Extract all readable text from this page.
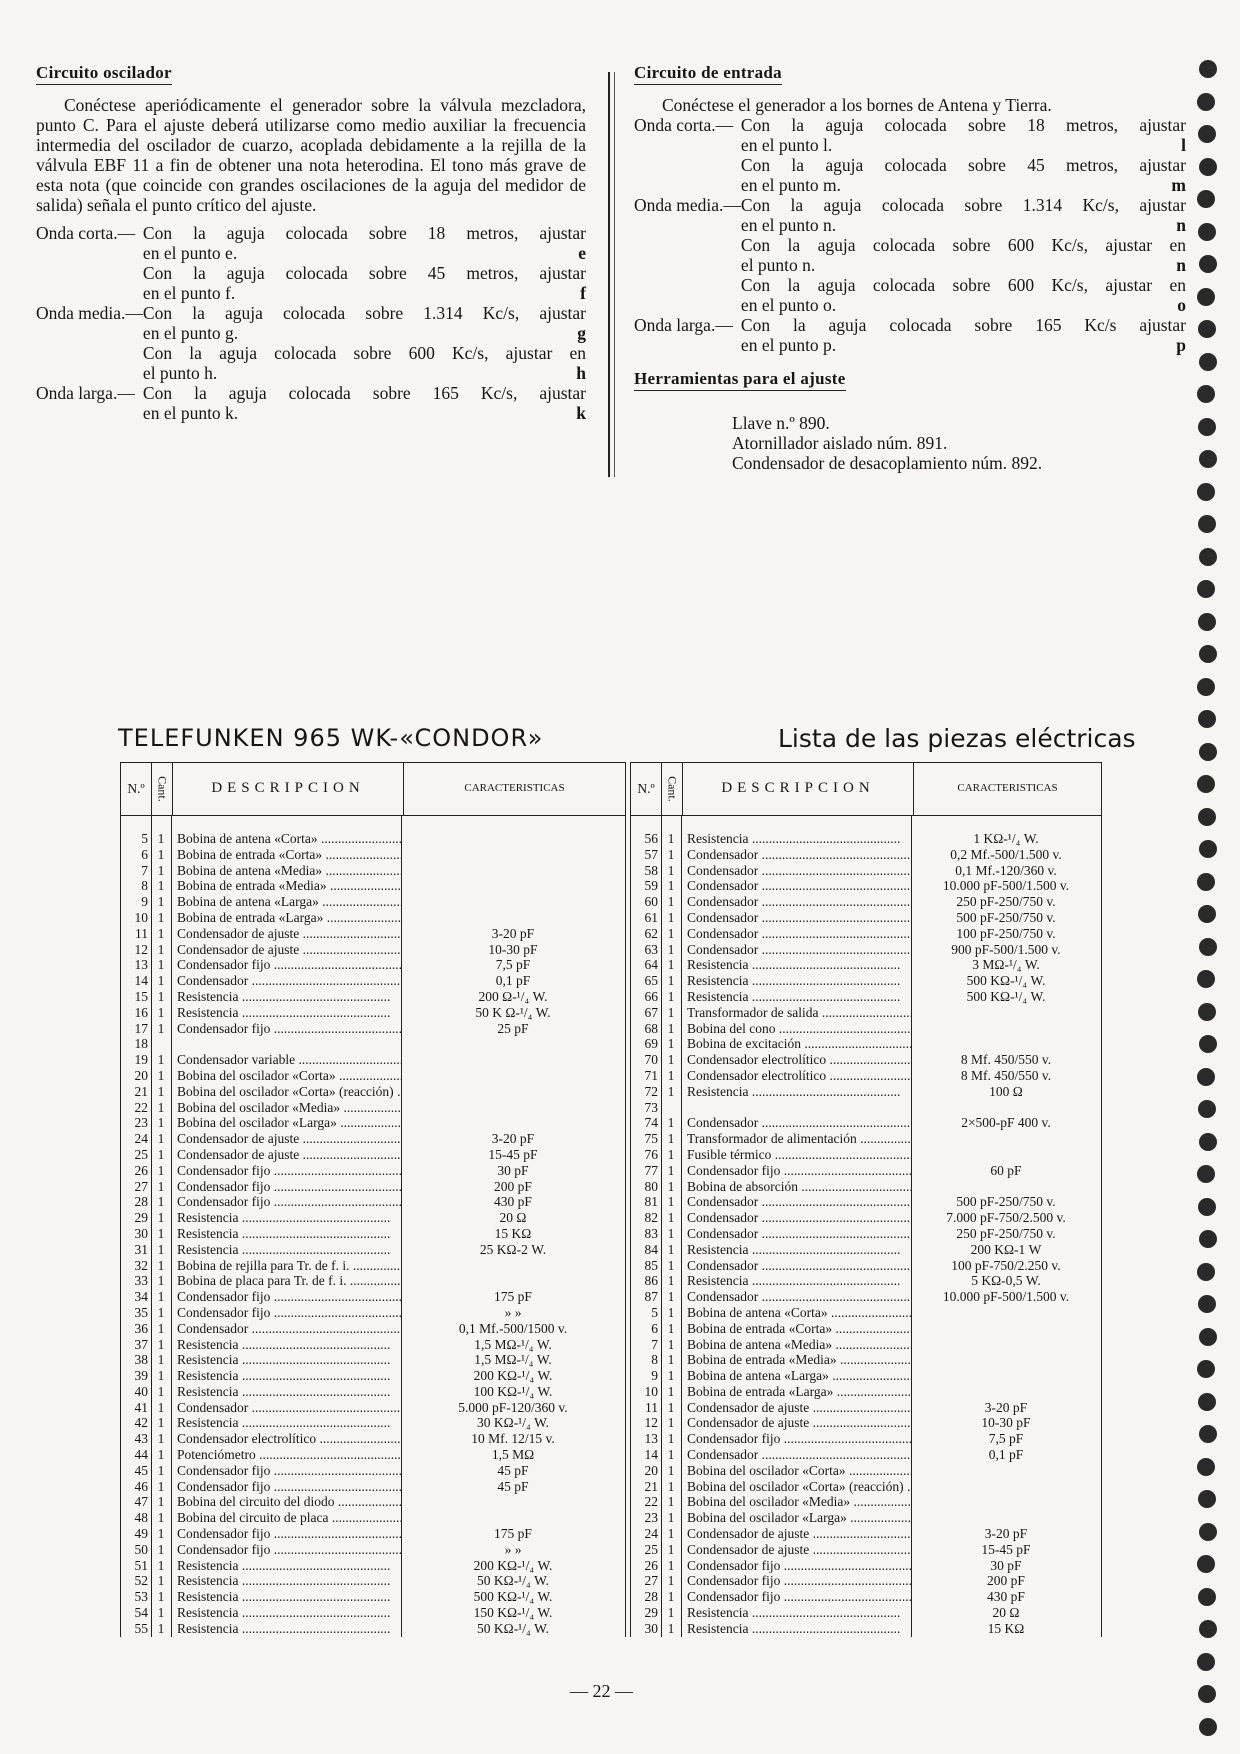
Circuito oscilador

Conéctese aperiódicamente el generador sobre la válvula mezcladora, punto C. Para el ajuste deberá utilizarse como medio auxiliar la frecuencia intermedia del oscilador de cuarzo, acoplada debidamente a la rejilla de la válvula EBF 11 a fin de obtener una nota heterodina. El tono más grave de esta nota (que coincide con grandes oscilaciones de la aguja del medidor de salida) señala el punto crítico del ajuste.

Onda corta.— Con la aguja colocada sobre 18 metros, ajustar
en el punto e.	e
Con la aguja colocada sobre 45 metros, ajustar
en el punto f.	f
Onda media.— Con la aguja colocada sobre 1.314 Kc/s, ajustar
en el punto g.	g
Con la aguja colocada sobre 600 Kc/s, ajustar en
el punto h.	h
Onda larga.— Con la aguja colocada sobre 165 Kc/s, ajustar
en el punto k.	k
Circuito de entrada

Conéctese el generador a los bornes de Antena y Tierra.

Onda corta.— Con la aguja colocada sobre 18 metros, ajustar
en el punto l.	l
Con la aguja colocada sobre 45 metros, ajustar
en el punto m.	m
Onda media.— Con la aguja colocada sobre 1.314 Kc/s, ajustar
en el punto n.	n
Con la aguja colocada sobre 600 Kc/s, ajustar en
el punto n.	n
Con la aguja colocada sobre 600 Kc/s, ajustar en
en el punto o.	o
Onda larga.— Con la aguja colocada sobre 165 Kc/s ajustar
en el punto p.	p
Herramientas para el ajuste
Llave n.º 890.
Atornillador aislado núm. 891.
Condensador de desacoplamiento núm. 892.
TELEFUNKEN 965 WK-«CONDOR»	Lista de las piezas eléctricas
N.º Cant.	DESCRIPCION	CARACTERISTICAS
5 1 Bobina de antena «Corta» .....
6 1 Bobina de entrada «Corta» .....
7 1 Bobina de antena «Media» .....
8 1 Bobina de entrada «Media» .....
9 1 Bobina de antena «Larga» .....
10 1 Bobina de entrada «Larga» .....
11 1 Condensador de ajuste .....	3-20 pF
12 1 Condensador de ajuste .....	10-30 pF
13 1 Condensador fijo .....	7,5 pF
14 1 Condensador .....	0,1 pF
15 1 Resistencia .....	200 Ω-¹/₄ W.
16 1 Resistencia .....	50 K Ω-¹/₄ W.
17 1 Condensador fijo .....	25 pF
18
19 1 Condensador variable .....
20 1 Bobina del oscilador «Corta» .....
21 1 Bobina del oscilador «Corta» (reacción) .....
22 1 Bobina del oscilador «Media» .....
23 1 Bobina del oscilador «Larga» .....
24 1 Condensador de ajuste .....	3-20 pF
25 1 Condensador de ajuste .....	15-45 pF
26 1 Condensador fijo .....	30 pF
27 1 Condensador fijo .....	200 pF
28 1 Condensador fijo .....	430 pF
29 1 Resistencia .....	20 Ω
30 1 Resistencia .....	15 KΩ
31 1 Resistencia .....	25 KΩ-2 W.
32 1 Bobina de rejilla para Tr. de f. i. .....
33 1 Bobina de placa para Tr. de f. i. .....
34 1 Condensador fijo .....	175 pF
35 1 Condensador fijo .....	» »
36 1 Condensador .....	0,1 Mf.-500/1500 v.
37 1 Resistencia .....	1,5 MΩ-¹/₄ W.
38 1 Resistencia .....	1,5 MΩ-¹/₄ W.
39 1 Resistencia .....	200 KΩ-¹/₄ W.
40 1 Resistencia .....	100 KΩ-¹/₄ W.
41 1 Condensador .....	5.000 pF-120/360 v.
42 1 Resistencia .....	30 KΩ-¹/₄ W.
43 1 Condensador electrolítico .....	10 Mf. 12/15 v.
44 1 Potenciómetro .....	1,5 MΩ
45 1 Condensador fijo .....	45 pF
46 1 Condensador fijo .....	45 pF
47 1 Bobina del circuito del diodo .....
48 1 Bobina del circuito de placa .....
49 1 Condensador fijo .....	175 pF
50 1 Condensador fijo .....	» »
51 1 Resistencia .....	200 KΩ-¹/₄ W.
52 1 Resistencia .....	50 KΩ-¹/₄ W.
53 1 Resistencia .....	500 KΩ-¹/₄ W.
54 1 Resistencia .....	150 KΩ-¹/₄ W.
55 1 Resistencia .....	50 KΩ-¹/₄ W.
N.º Cant.	DESCRIPCION	CARACTERISTICAS
56 1 Resistencia .....	1 KΩ-¹/₄ W.
57 1 Condensador .....	0,2 Mf.-500/1.500 v.
58 1 Condensador .....	0,1 Mf.-120/360 v.
59 1 Condensador .....	10.000 pF-500/1.500 v.
60 1 Condensador .....	250 pF-250/750 v.
61 1 Condensador .....	500 pF-250/750 v.
62 1 Condensador .....	100 pF-250/750 v.
63 1 Condensador .....	900 pF-500/1.500 v.
64 1 Resistencia .....	3 MΩ-¹/₄ W.
65 1 Resistencia .....	500 KΩ-¹/₄ W.
66 1 Resistencia .....	500 KΩ-¹/₄ W.
67 1 Transformador de salida .....
68 1 Bobina del cono .....
69 1 Bobina de excitación .....
70 1 Condensador electrolítico .....	8 Mf. 450/550 v.
71 1 Condensador electrolítico .....	8 Mf. 450/550 v.
72 1 Resistencia .....	100 Ω
73
74 1 Condensador .....	2×500-pF 400 v.
75 1 Transformador de alimentación .....
76 1 Fusible térmico .....
77 1 Condensador fijo .....	60 pF
80 1 Bobina de absorción .....
81 1 Condensador .....	500 pF-250/750 v.
82 1 Condensador .....	7.000 pF-750/2.500 v.
83 1 Condensador .....	250 pF-250/750 v.
84 1 Resistencia .....	200 KΩ-1 W
85 1 Condensador .....	100 pF-750/2.250 v.
86 1 Resistencia .....	5 KΩ-0,5 W.
87 1 Condensador .....	10.000 pF-500/1.500 v.
5 1 Bobina de antena «Corta» .....
6 1 Bobina de entrada «Corta» .....
7 1 Bobina de antena «Media» .....
8 1 Bobina de entrada «Media» .....
9 1 Bobina de antena «Larga» .....
10 1 Bobina de entrada «Larga» .....
11 1 Condensador de ajuste .....	3-20 pF
12 1 Condensador de ajuste .....	10-30 pF
13 1 Condensador fijo .....	7,5 pF
14 1 Condensador .....	0,1 pF
20 1 Bobina del oscilador «Corta» .....
21 1 Bobina del oscilador «Corta» (reacción) .....
22 1 Bobina del oscilador «Media» .....
23 1 Bobina del oscilador «Larga» .....
24 1 Condensador de ajuste .....	3-20 pF
25 1 Condensador de ajuste .....	15-45 pF
26 1 Condensador fijo .....	30 pF
27 1 Condensador fijo .....	200 pF
28 1 Condensador fijo .....	430 pF
29 1 Resistencia .....	20 Ω
30 1 Resistencia .....	15 KΩ
— 22 —
